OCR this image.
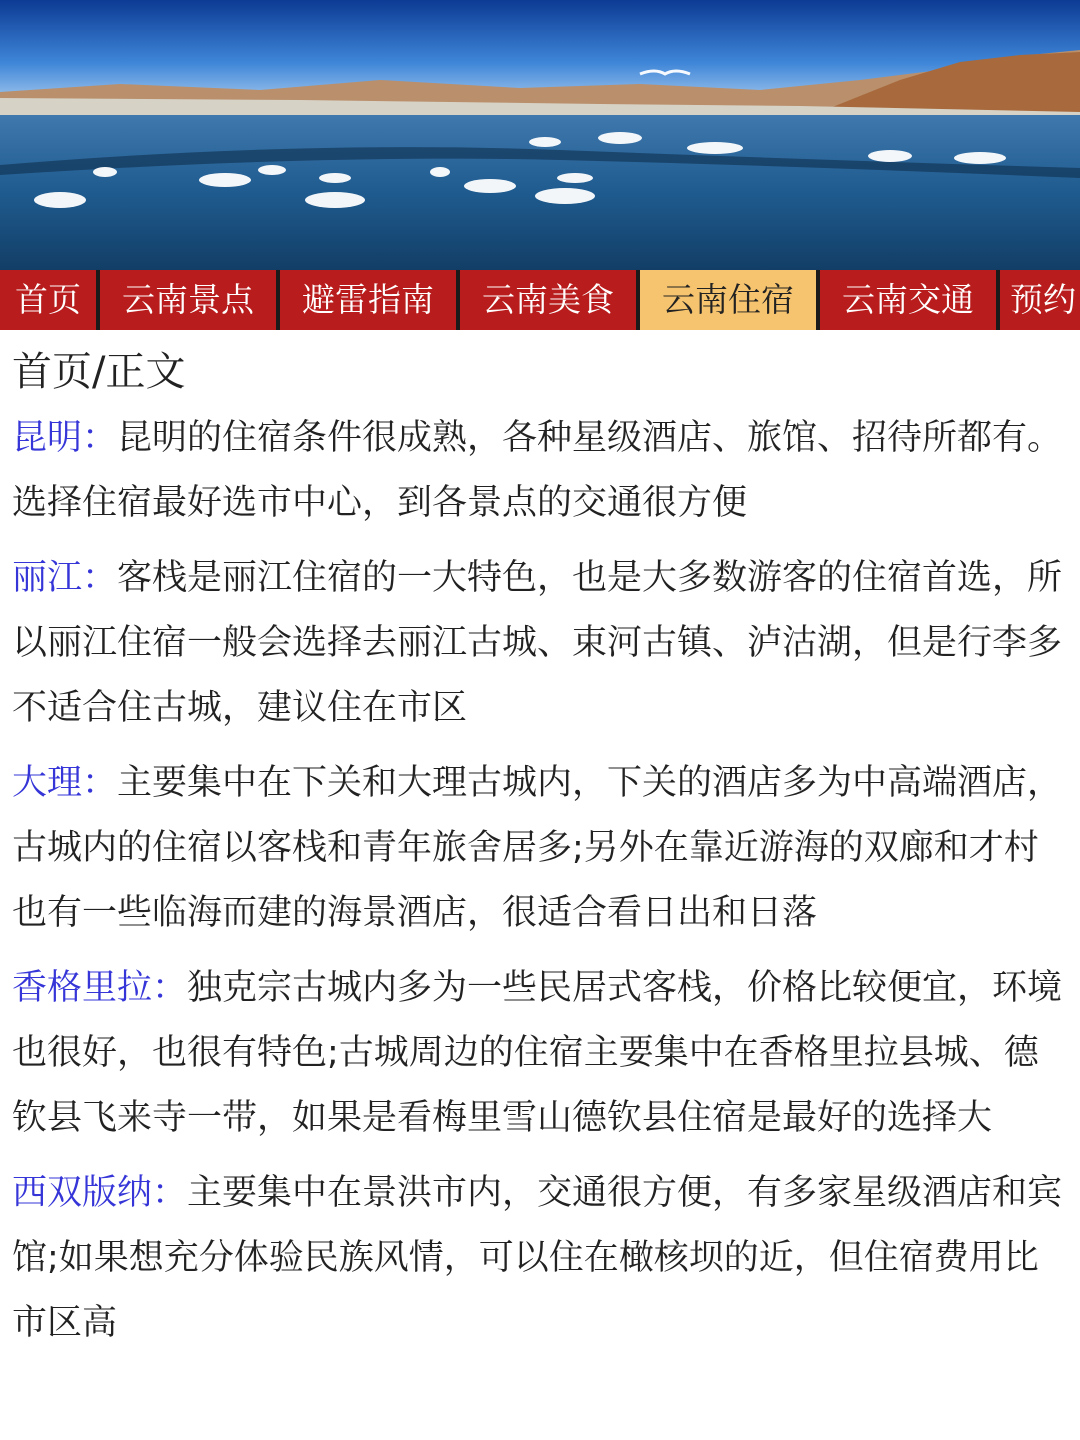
首页	云南景点	避雷指南	云南美食	云南住宿	云南交通	预约
首页/正文

昆明：昆明的住宿条件很成熟，各种星级酒店、旅馆、招待所都有。选择住宿最好选市中心，到各景点的交通很方便

丽江：客栈是丽江住宿的一大特色，也是大多数游客的住宿首选，所以丽江住宿一般会选择去丽江古城、束河古镇、泸沽湖，但是行李多不适合住古城，建议住在市区

大理：主要集中在下关和大理古城内，下关的酒店多为中高端酒店，古城内的住宿以客栈和青年旅舍居多;另外在靠近游海的双廊和才村也有一些临海而建的海景酒店，很适合看日出和日落

香格里拉：独克宗古城内多为一些民居式客栈，价格比较便宜，环境也很好，也很有特色;古城周边的住宿主要集中在香格里拉县城、德钦县飞来寺一带，如果是看梅里雪山德钦县住宿是最好的选择大

西双版纳：主要集中在景洪市内，交通很方便，有多家星级酒店和宾馆;如果想充分体验民族风情，可以住在橄核坝的近，但住宿费用比市区高
